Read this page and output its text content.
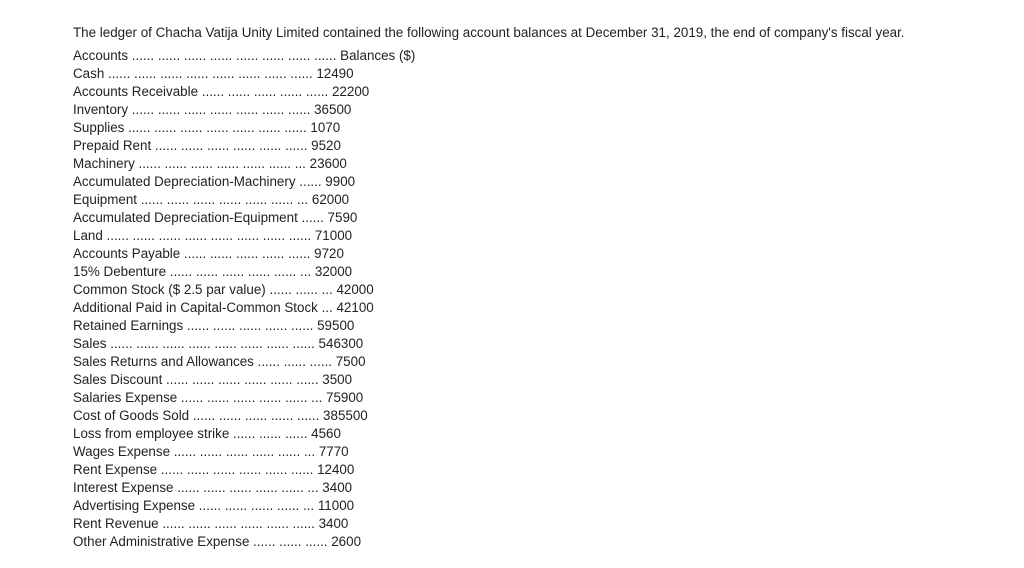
The ledger of Chacha Vatija Unity Limited contained the following account balances at December 31, 2019, the end of company's fiscal year.

Accounts ...... ...... ...... ...... ...... ...... ...... ...... Balances ($)
Cash ...... ...... ...... ...... ...... ...... ...... ...... 12490
Accounts Receivable ...... ...... ...... ...... ...... 22200
Inventory ...... ...... ...... ...... ...... ...... ...... 36500
Supplies ...... ...... ...... ...... ...... ...... ...... 1070
Prepaid Rent ...... ...... ...... ...... ...... ...... 9520
Machinery ...... ...... ...... ...... ...... ...... ... 23600
Accumulated Depreciation-Machinery ...... 9900
Equipment ...... ...... ...... ...... ...... ...... ... 62000
Accumulated Depreciation-Equipment ...... 7590
Land ...... ...... ...... ...... ...... ...... ...... ...... 71000
Accounts Payable ...... ...... ...... ...... ...... 9720
15% Debenture ...... ...... ...... ...... ...... ... 32000
Common Stock ($ 2.5 par value) ...... ...... ... 42000
Additional Paid in Capital-Common Stock ... 42100
Retained Earnings ...... ...... ...... ...... ...... 59500
Sales ...... ...... ...... ...... ...... ...... ...... ...... 546300
Sales Returns and Allowances ...... ...... ...... 7500
Sales Discount ...... ...... ...... ...... ...... ...... 3500
Salaries Expense ...... ...... ...... ...... ...... ... 75900
Cost of Goods Sold ...... ...... ...... ...... ...... 385500
Loss from employee strike ...... ...... ...... 4560
Wages Expense ...... ...... ...... ...... ...... ... 7770
Rent Expense ...... ...... ...... ...... ...... ...... 12400
Interest Expense ...... ...... ...... ...... ...... ... 3400
Advertising Expense ...... ...... ...... ...... ... 11000
Rent Revenue ...... ...... ...... ...... ...... ...... 3400
Other Administrative Expense ...... ...... ...... 2600
